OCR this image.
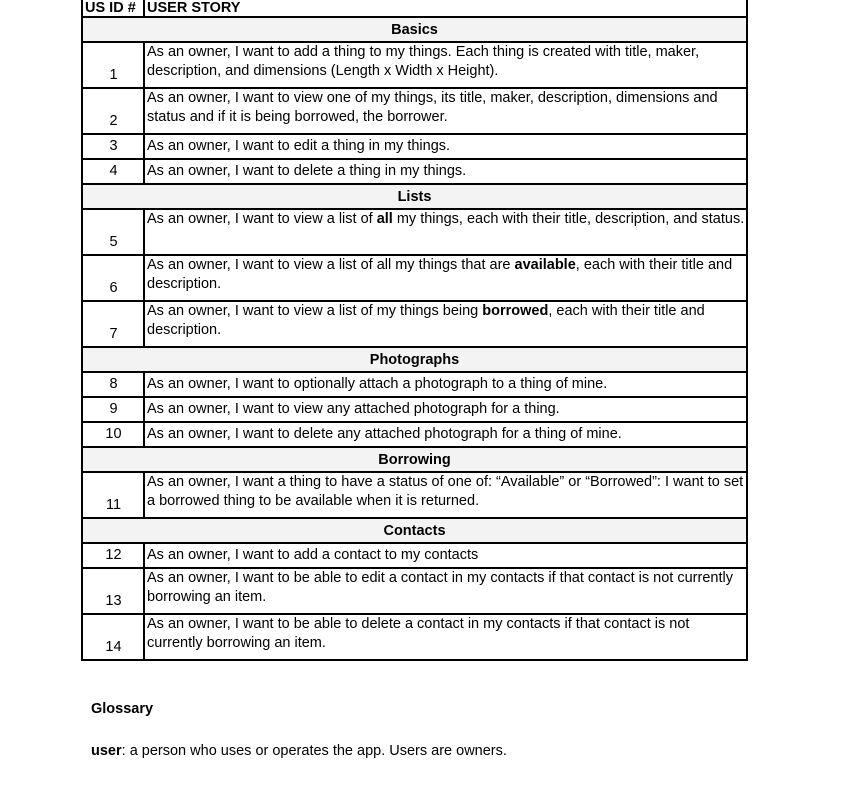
US ID #	USER STORY
Basics	
1	As an owner, I want to add a thing to my things. Each thing is created with title, maker, description, and dimensions (Length x Width x Height).
2	As an owner, I want to view one of my things, its title, maker, description, dimensions and status and if it is being borrowed, the borrower.
3	As an owner, I want to edit a thing in my things.
4	As an owner, I want to delete a thing in my things.
Lists	
5	As an owner, I want to view a list of all my things, each with their title, description, and status.
6	As an owner, I want to view a list of all my things that are available, each with their title and description.
7	As an owner, I want to view a list of my things being borrowed, each with their title and description.
Photographs	
8	As an owner, I want to optionally attach a photograph to a thing of mine.
9	As an owner, I want to view any attached photograph for a thing.
10	As an owner, I want to delete any attached photograph for a thing of mine.
Borrowing	
11	As an owner, I want a thing to have a status of one of: “Available” or “Borrowed”: I want to set a borrowed thing to be available when it is returned.
Contacts	
12	As an owner, I want to add a contact to my contacts
13	As an owner, I want to be able to edit a contact in my contacts if that contact is not currently borrowing an item.
14	As an owner, I want to be able to delete a contact in my contacts if that contact is not currently borrowing an item.
Glossary
user: a person who uses or operates the app. Users are owners.
